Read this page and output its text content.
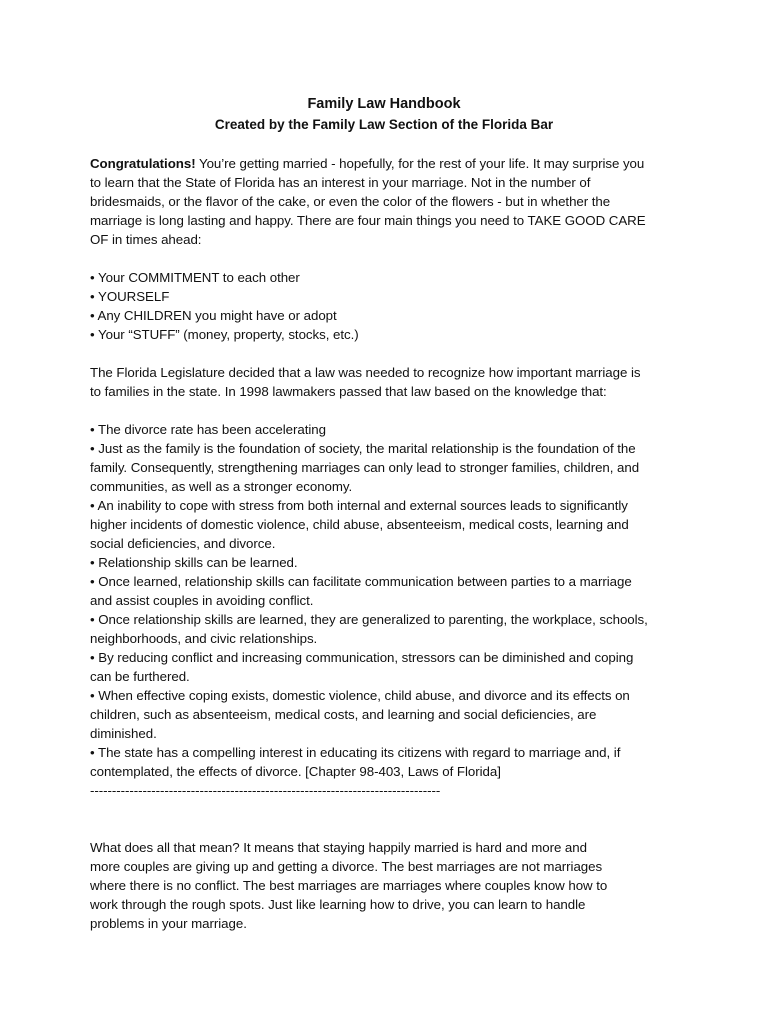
Family Law Handbook
Created by the Family Law Section of the Florida Bar
Congratulations! You’re getting married - hopefully, for the rest of your life. It may surprise you
to learn that the State of Florida has an interest in your marriage. Not in the number of
bridesmaids, or the flavor of the cake, or even the color of the flowers - but in whether the
marriage is long lasting and happy. There are four main things you need to TAKE GOOD CARE
OF in times ahead:
• Your COMMITMENT to each other
• YOURSELF
• Any CHILDREN you might have or adopt
• Your “STUFF” (money, property, stocks, etc.)
The Florida Legislature decided that a law was needed to recognize how important marriage is
to families in the state. In 1998 lawmakers passed that law based on the knowledge that:
• The divorce rate has been accelerating
• Just as the family is the foundation of society, the marital relationship is the foundation of the
family. Consequently, strengthening marriages can only lead to stronger families, children, and
communities, as well as a stronger economy.
• An inability to cope with stress from both internal and external sources leads to significantly
higher incidents of domestic violence, child abuse, absenteeism, medical costs, learning and
social deficiencies, and divorce.
• Relationship skills can be learned.
• Once learned, relationship skills can facilitate communication between parties to a marriage
and assist couples in avoiding conflict.
• Once relationship skills are learned, they are generalized to parenting, the workplace, schools,
neighborhoods, and civic relationships.
• By reducing conflict and increasing communication, stressors can be diminished and coping
can be furthered.
• When effective coping exists, domestic violence, child abuse, and divorce and its effects on
children, such as absenteeism, medical costs, and learning and social deficiencies, are
diminished.
• The state has a compelling interest in educating its citizens with regard to marriage and, if
contemplated, the effects of divorce. [Chapter 98-403, Laws of Florida]
--------------------------------------------------------------------------------
What does all that mean? It means that staying happily married is hard and more and
more couples are giving up and getting a divorce. The best marriages are not marriages
where there is no conflict. The best marriages are marriages where couples know how to
work through the rough spots. Just like learning how to drive, you can learn to handle
problems in your marriage.
